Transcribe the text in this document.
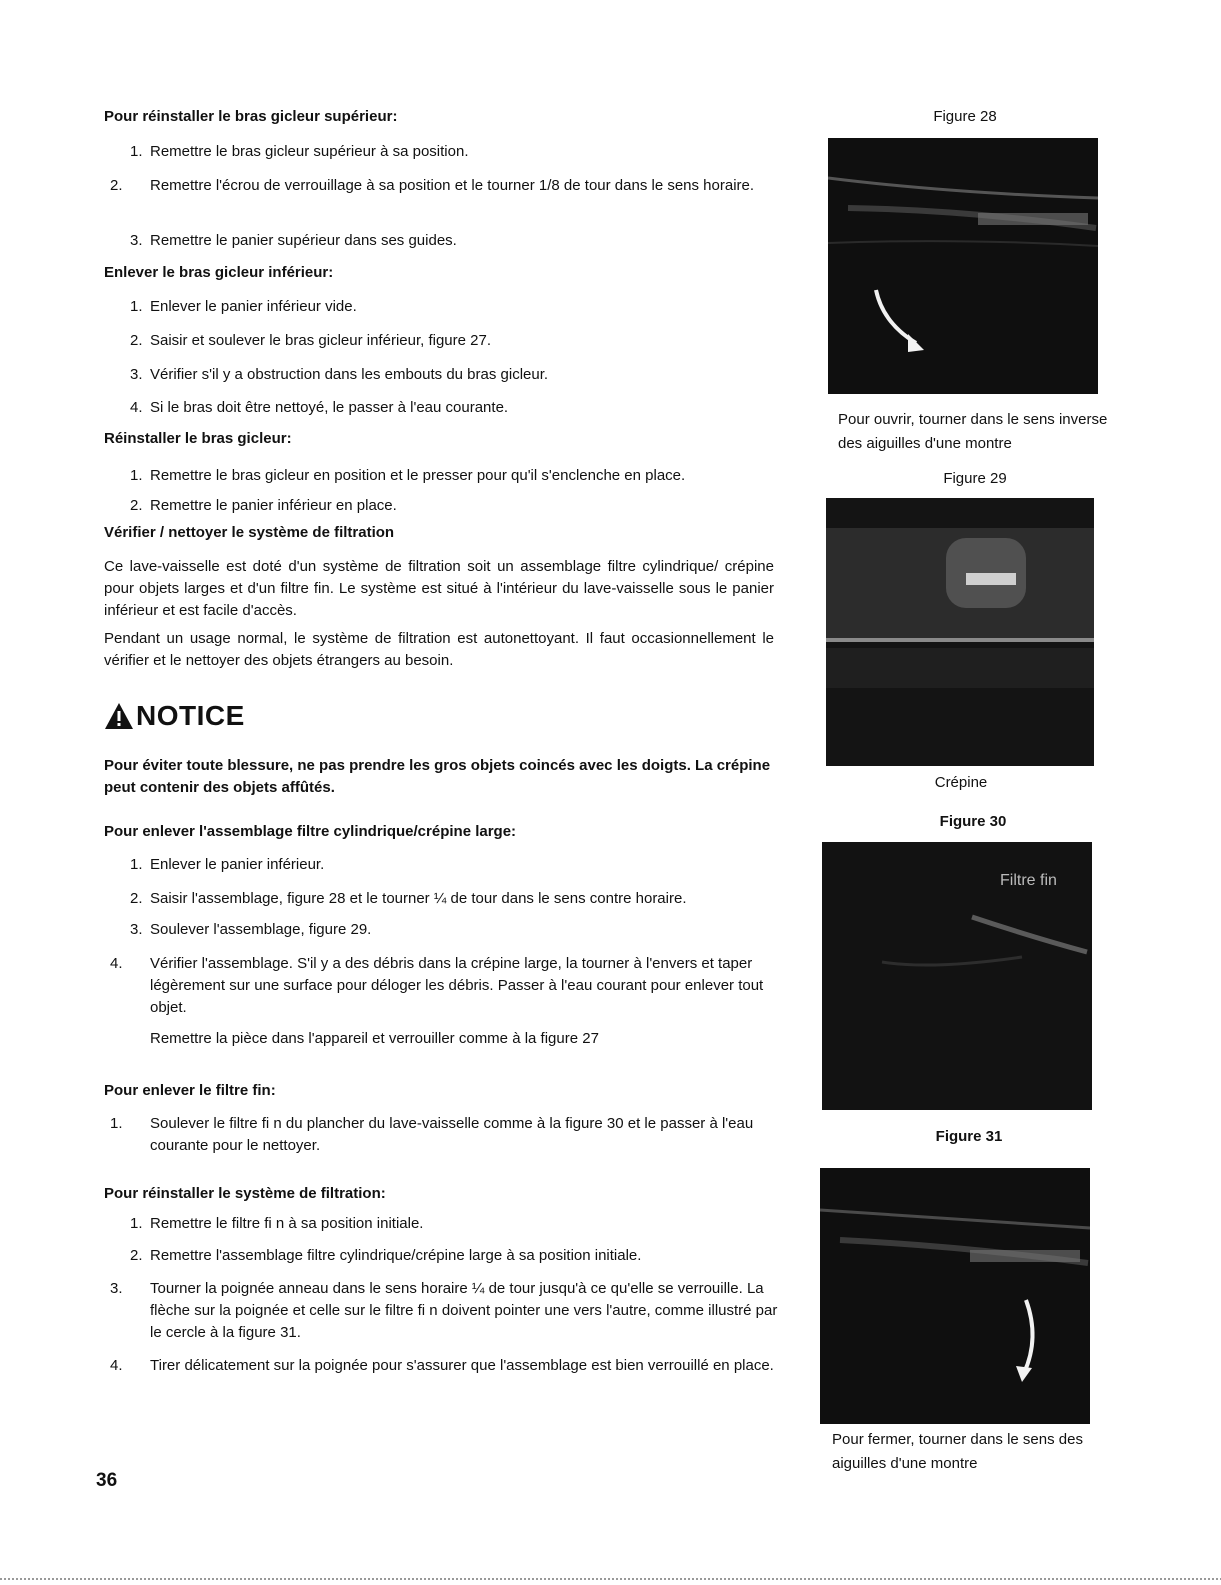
Pour réinstaller le bras gicleur supérieur:
1. Remettre le bras gicleur supérieur à sa position.
2. Remettre l'écrou de verrouillage à sa position et le tourner 1/8 de tour dans le sens horaire.
3. Remettre le panier supérieur dans ses guides.
Enlever le bras gicleur inférieur:
1. Enlever le panier inférieur vide.
2. Saisir et soulever le bras gicleur inférieur, figure 27.
3. Vérifier s'il y a obstruction dans les embouts du bras gicleur.
4. Si le bras doit être nettoyé, le passer à l'eau courante.
Réinstaller le bras gicleur:
1. Remettre le bras gicleur en position et le presser pour qu'il s'enclenche en place.
2. Remettre le panier inférieur en place.
Vérifier / nettoyer le système de filtration
Ce lave-vaisselle est doté d'un système de filtration soit un assemblage filtre cylindrique/ crépine pour objets larges et d'un filtre fin. Le système est situé à l'intérieur du lave-vaisselle sous le panier inférieur et est facile d'accès.
Pendant un usage normal, le système de filtration est autonettoyant. Il faut occasionnellement le vérifier et le nettoyer des objets étrangers au besoin.
NOTICE
Pour éviter toute blessure, ne pas prendre les gros objets coincés avec les doigts. La crépine peut contenir des objets affûtés.
Pour enlever l'assemblage filtre cylindrique/crépine large:
1. Enlever le panier inférieur.
2. Saisir l'assemblage, figure 28 et le tourner ¼ de tour dans le sens contre horaire.
3. Soulever l'assemblage, figure 29.
4. Vérifier l'assemblage. S'il y a des débris dans la crépine large, la tourner à l'envers et taper légèrement sur une surface pour déloger les débris. Passer à l'eau courant pour enlever tout objet.
Remettre la pièce dans l'appareil et verrouiller comme à la figure 27
Pour enlever le filtre fin:
1. Soulever le filtre fi n du plancher du lave-vaisselle comme à la figure 30 et le passer à l'eau courante pour le nettoyer.
Pour réinstaller le système de filtration:
1. Remettre le filtre fi n à sa position initiale.
2. Remettre l'assemblage filtre cylindrique/crépine large à sa position initiale.
3. Tourner la poignée anneau dans le sens horaire ¼ de tour jusqu'à ce qu'elle se verrouille. La flèche sur la poignée et celle sur le filtre fi n doivent pointer une vers l'autre, comme illustré par le cercle à la figure 31.
4. Tirer délicatement sur la poignée pour s'assurer que l'assemblage est bien verrouillé en place.
36
Figure 28
Pour ouvrir, tourner dans le sens inverse des aiguilles d'une montre
Figure 29
Crépine
Figure 30
Filtre fin
Figure 31
Pour fermer, tourner dans le sens des aiguilles d'une montre
